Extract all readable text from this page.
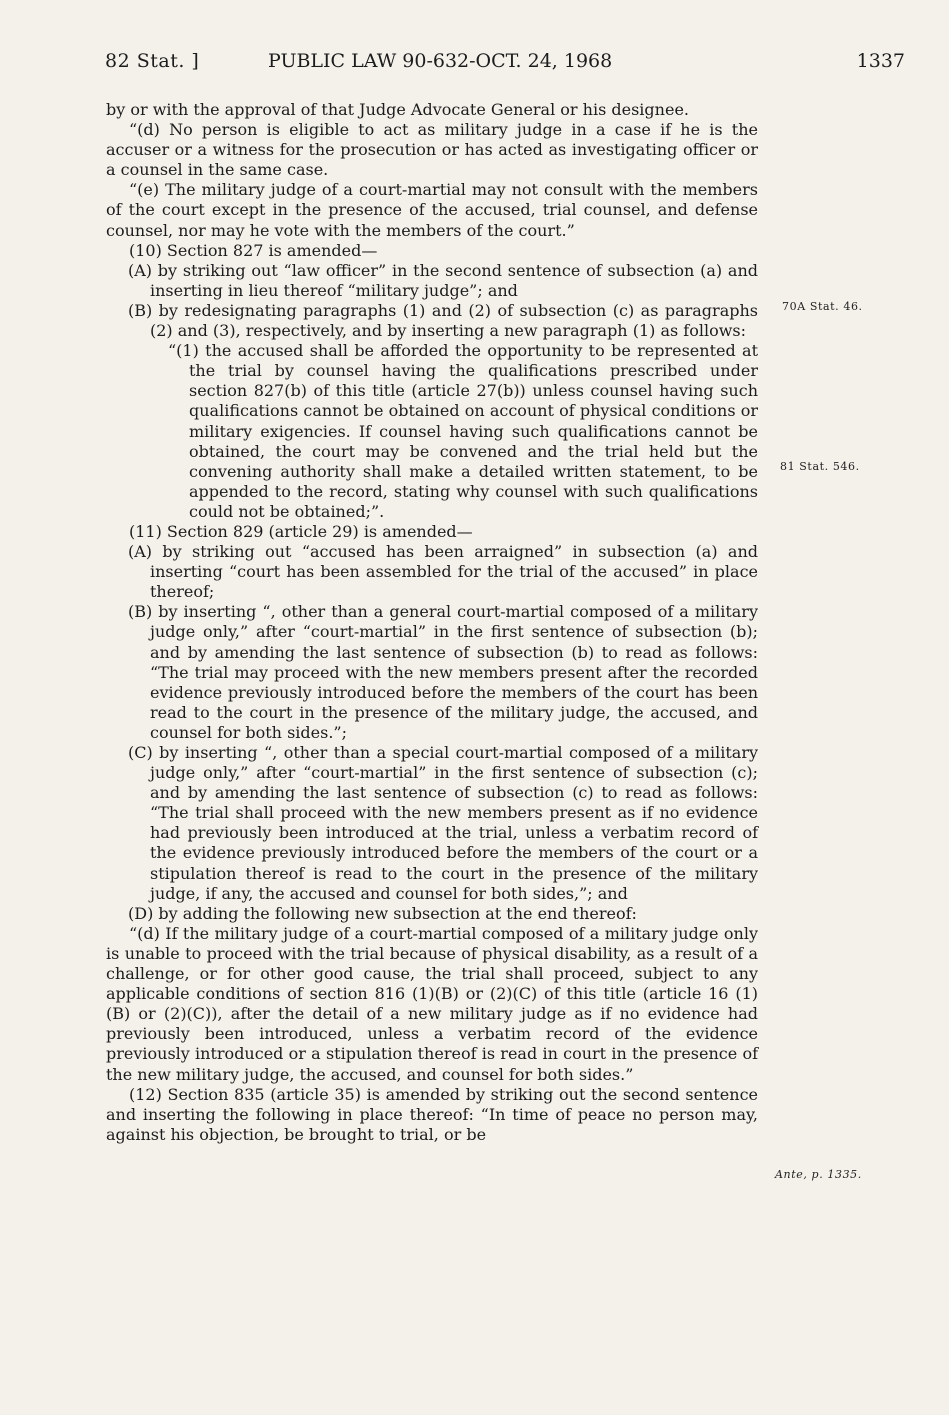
82 Stat. ]	PUBLIC LAW 90-632-OCT. 24, 1968	1337

by or with the approval of that Judge Advocate General or his designee.

“(d) No person is eligible to act as military judge in a case if he is the accuser or a witness for the prosecution or has acted as investigating officer or a counsel in the same case.

“(e) The military judge of a court-martial may not consult with the members of the court except in the presence of the accused, trial counsel, and defense counsel, nor may he vote with the members of the court.”

(10) Section 827 is amended—

(A) by striking out “law officer” in the second sentence of subsection (a) and inserting in lieu thereof “military judge”; and

(B) by redesignating paragraphs (1) and (2) of subsection (c) as paragraphs (2) and (3), respectively, and by inserting a new paragraph (1) as follows:

“(1) the accused shall be afforded the opportunity to be represented at the trial by counsel having the qualifications prescribed under section 827(b) of this title (article 27(b)) unless counsel having such qualifications cannot be obtained on account of physical conditions or military exigencies. If counsel having such qualifications cannot be obtained, the court may be convened and the trial held but the convening authority shall make a detailed written statement, to be appended to the record, stating why counsel with such qualifications could not be obtained;”.

(11) Section 829 (article 29) is amended—

(A) by striking out “accused has been arraigned” in subsection (a) and inserting “court has been assembled for the trial of the accused” in place thereof;

(B) by inserting “, other than a general court-martial composed of a military judge only,” after “court-martial” in the first sentence of subsection (b); and by amending the last sentence of subsection (b) to read as follows: “The trial may proceed with the new members present after the recorded evidence previously introduced before the members of the court has been read to the court in the presence of the military judge, the accused, and counsel for both sides.”;

(C) by inserting “, other than a special court-martial composed of a military judge only,” after “court-martial” in the first sentence of subsection (c); and by amending the last sentence of subsection (c) to read as follows: “The trial shall proceed with the new members present as if no evidence had previously been introduced at the trial, unless a verbatim record of the evidence previously introduced before the members of the court or a stipulation thereof is read to the court in the presence of the military judge, if any, the accused and counsel for both sides,”; and

(D) by adding the following new subsection at the end thereof:

“(d) If the military judge of a court-martial composed of a military judge only is unable to proceed with the trial because of physical disability, as a result of a challenge, or for other good cause, the trial shall proceed, subject to any applicable conditions of section 816 (1)(B) or (2)(C) of this title (article 16 (1)(B) or (2)(C)), after the detail of a new military judge as if no evidence had previously been introduced, unless a verbatim record of the evidence previously introduced or a stipulation thereof is read in court in the presence of the new military judge, the accused, and counsel for both sides.”

(12) Section 835 (article 35) is amended by striking out the second sentence and inserting the following in place thereof: “In time of peace no person may, against his objection, be brought to trial, or be

70A Stat. 46.
81 Stat. 546.
Ante, p. 1335.
